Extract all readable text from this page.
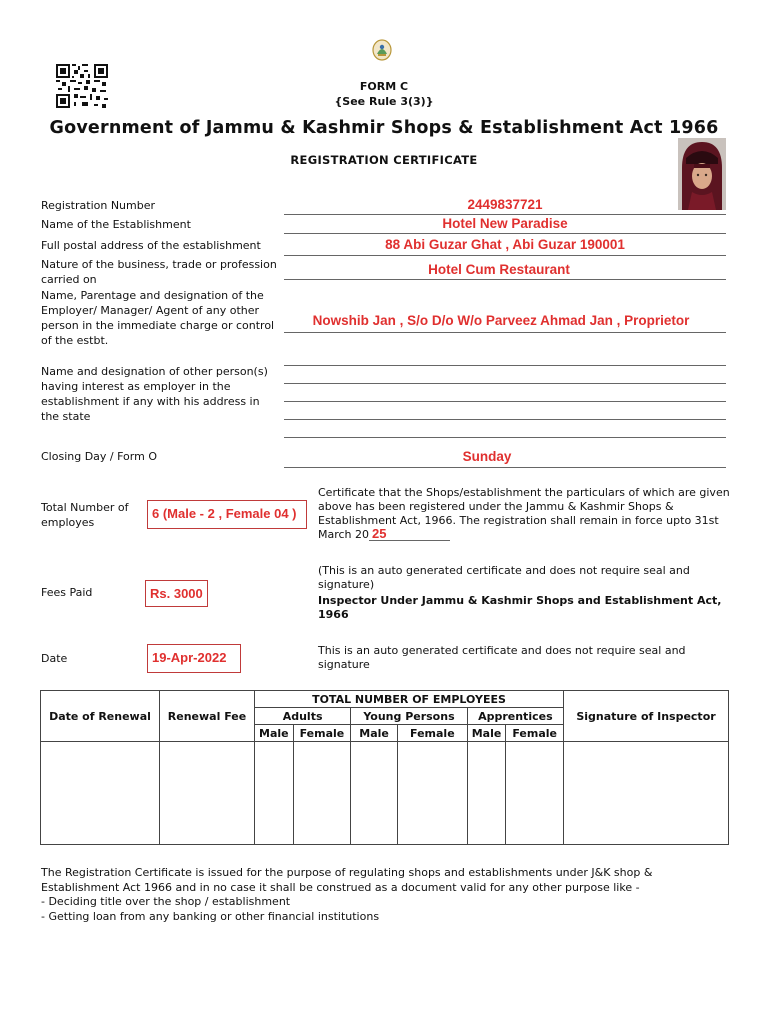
FORM C
{See Rule 3(3)}
Government of Jammu & Kashmir Shops & Establishment Act 1966
REGISTRATION CERTIFICATE
Registration Number	2449837721
Name of the Establishment	Hotel New Paradise
Full postal address of the establishment	88 Abi Guzar Ghat , Abi Guzar 190001
Nature of the business, trade or profession carried on
Hotel Cum Restaurant
Name, Parentage and designation of the Employer/ Manager/ Agent of any other person in the immediate charge or control of the estbt.
Nowshib Jan , S/o D/o W/o Parveez Ahmad Jan , Proprietor
Name and designation of other person(s) having interest as employer in the establishment if any with his address in the state
Closing Day / Form O	Sunday
Total Number of employes
6 (Male - 2 , Female 04 )
Certificate that the Shops/establishment the particulars of which are given above has been registered under the Jammu & Kashmir Shops & Establishment Act, 1966. The registration shall remain in force upto 31st March 20 25
(This is an auto generated certificate and does not require seal and signature)
Inspector Under Jammu & Kashmir Shops and Establishment Act, 1966
Fees Paid	Rs. 3000
Date	19-Apr-2022	This is an auto generated certificate and does not require seal and signature
Date of Renewal	Renewal Fee	TOTAL NUMBER OF EMPLOYEES						Signature of Inspector
		Adults		Young Persons		Apprentices		
		Male	Female	Male	Female	Male	Female	

The Registration Certificate is issued for the purpose of regulating shops and establishments under J&K shop & Establishment Act 1966 and in no case it shall be construed as a document valid for any other purpose like -
- Deciding title over the shop / establishment
- Getting loan from any banking or other financial institutions
